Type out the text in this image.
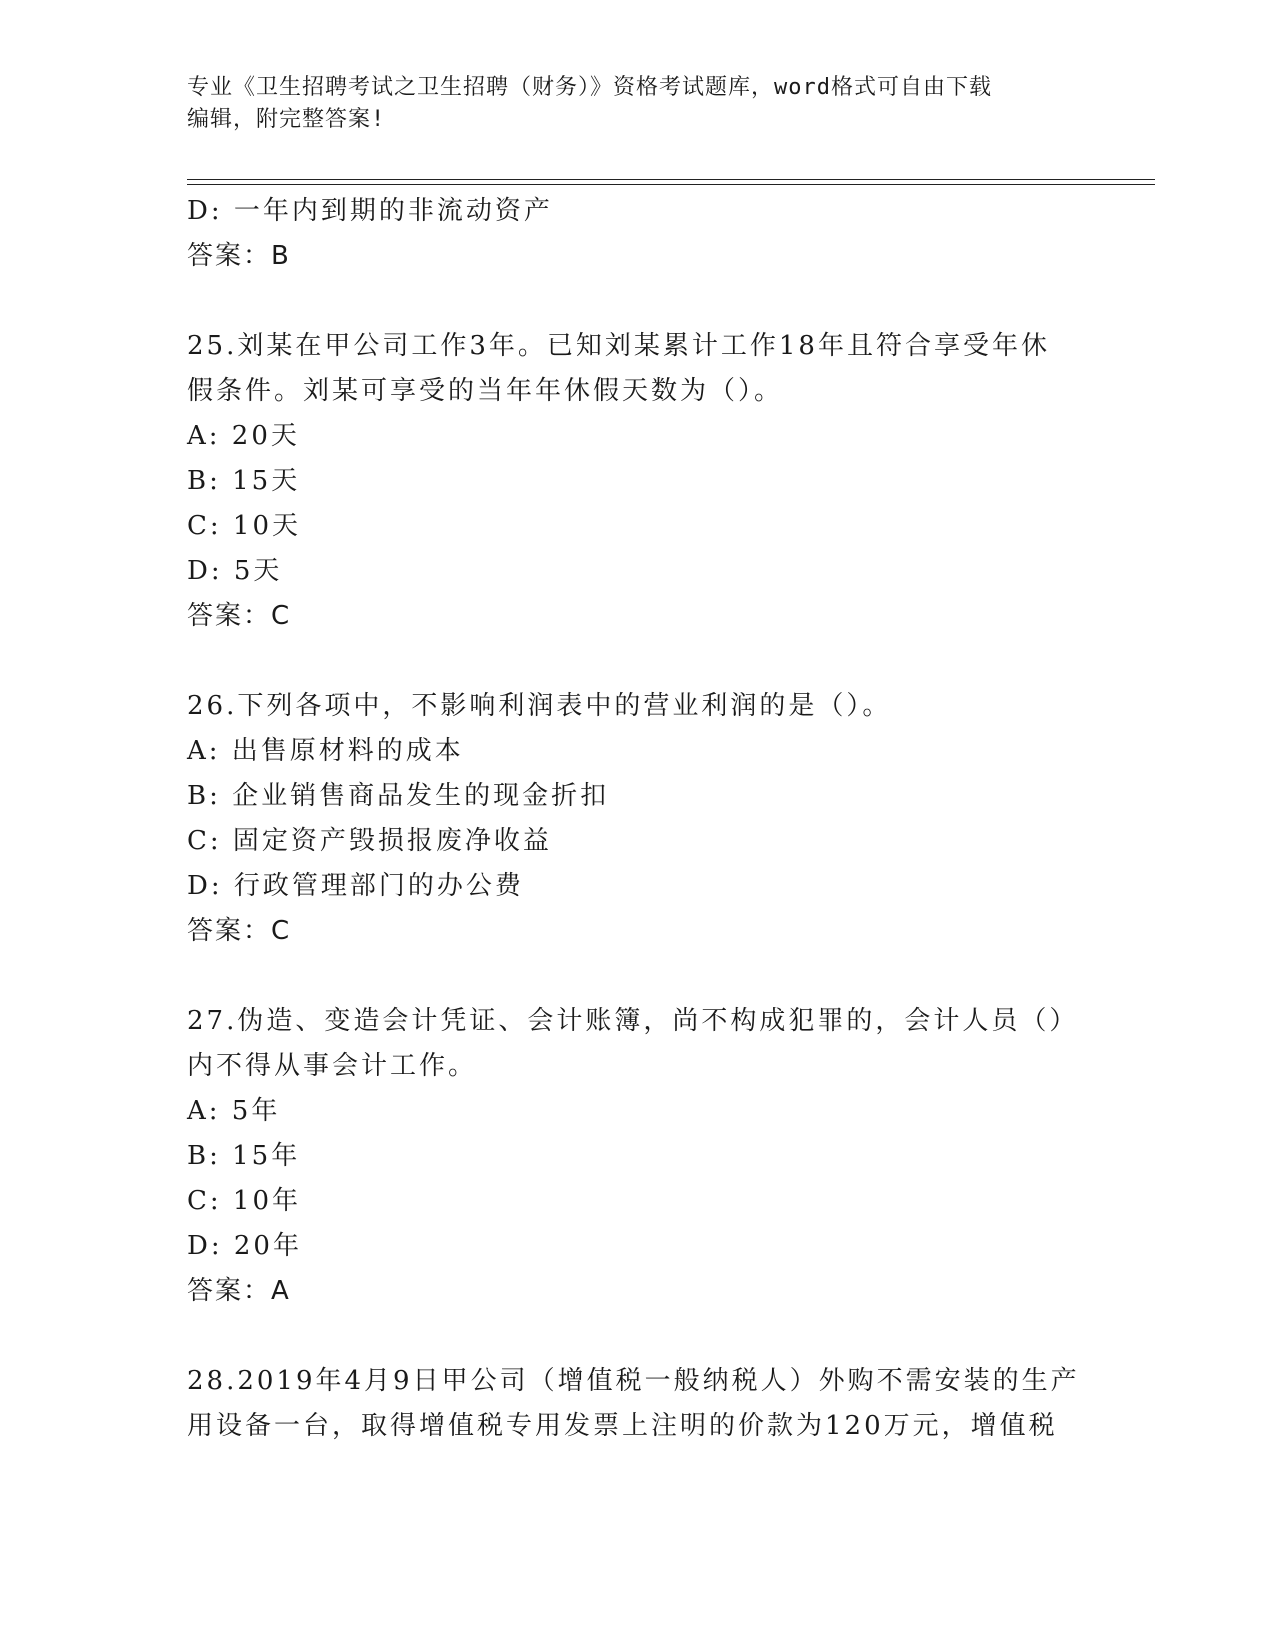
专业《卫生招聘考试之卫生招聘（财务）》资格考试题库，word格式可自由下载
编辑，附完整答案!
D: 一年内到期的非流动资产
答案：B
25.刘某在甲公司工作3年。已知刘某累计工作18年且符合享受年休
假条件。刘某可享受的当年年休假天数为（）。
A: 20天
B: 15天
C: 10天
D: 5天
答案：C
26.下列各项中，不影响利润表中的营业利润的是（）。
A: 出售原材料的成本
B: 企业销售商品发生的现金折扣
C: 固定资产毁损报废净收益
D: 行政管理部门的办公费
答案：C
27.伪造、变造会计凭证、会计账簿，尚不构成犯罪的，会计人员（）
内不得从事会计工作。
A: 5年
B: 15年
C: 10年
D: 20年
答案：A
28.2019年4月9日甲公司（增值税一般纳税人）外购不需安装的生产
用设备一台，取得增值税专用发票上注明的价款为120万元，增值税
